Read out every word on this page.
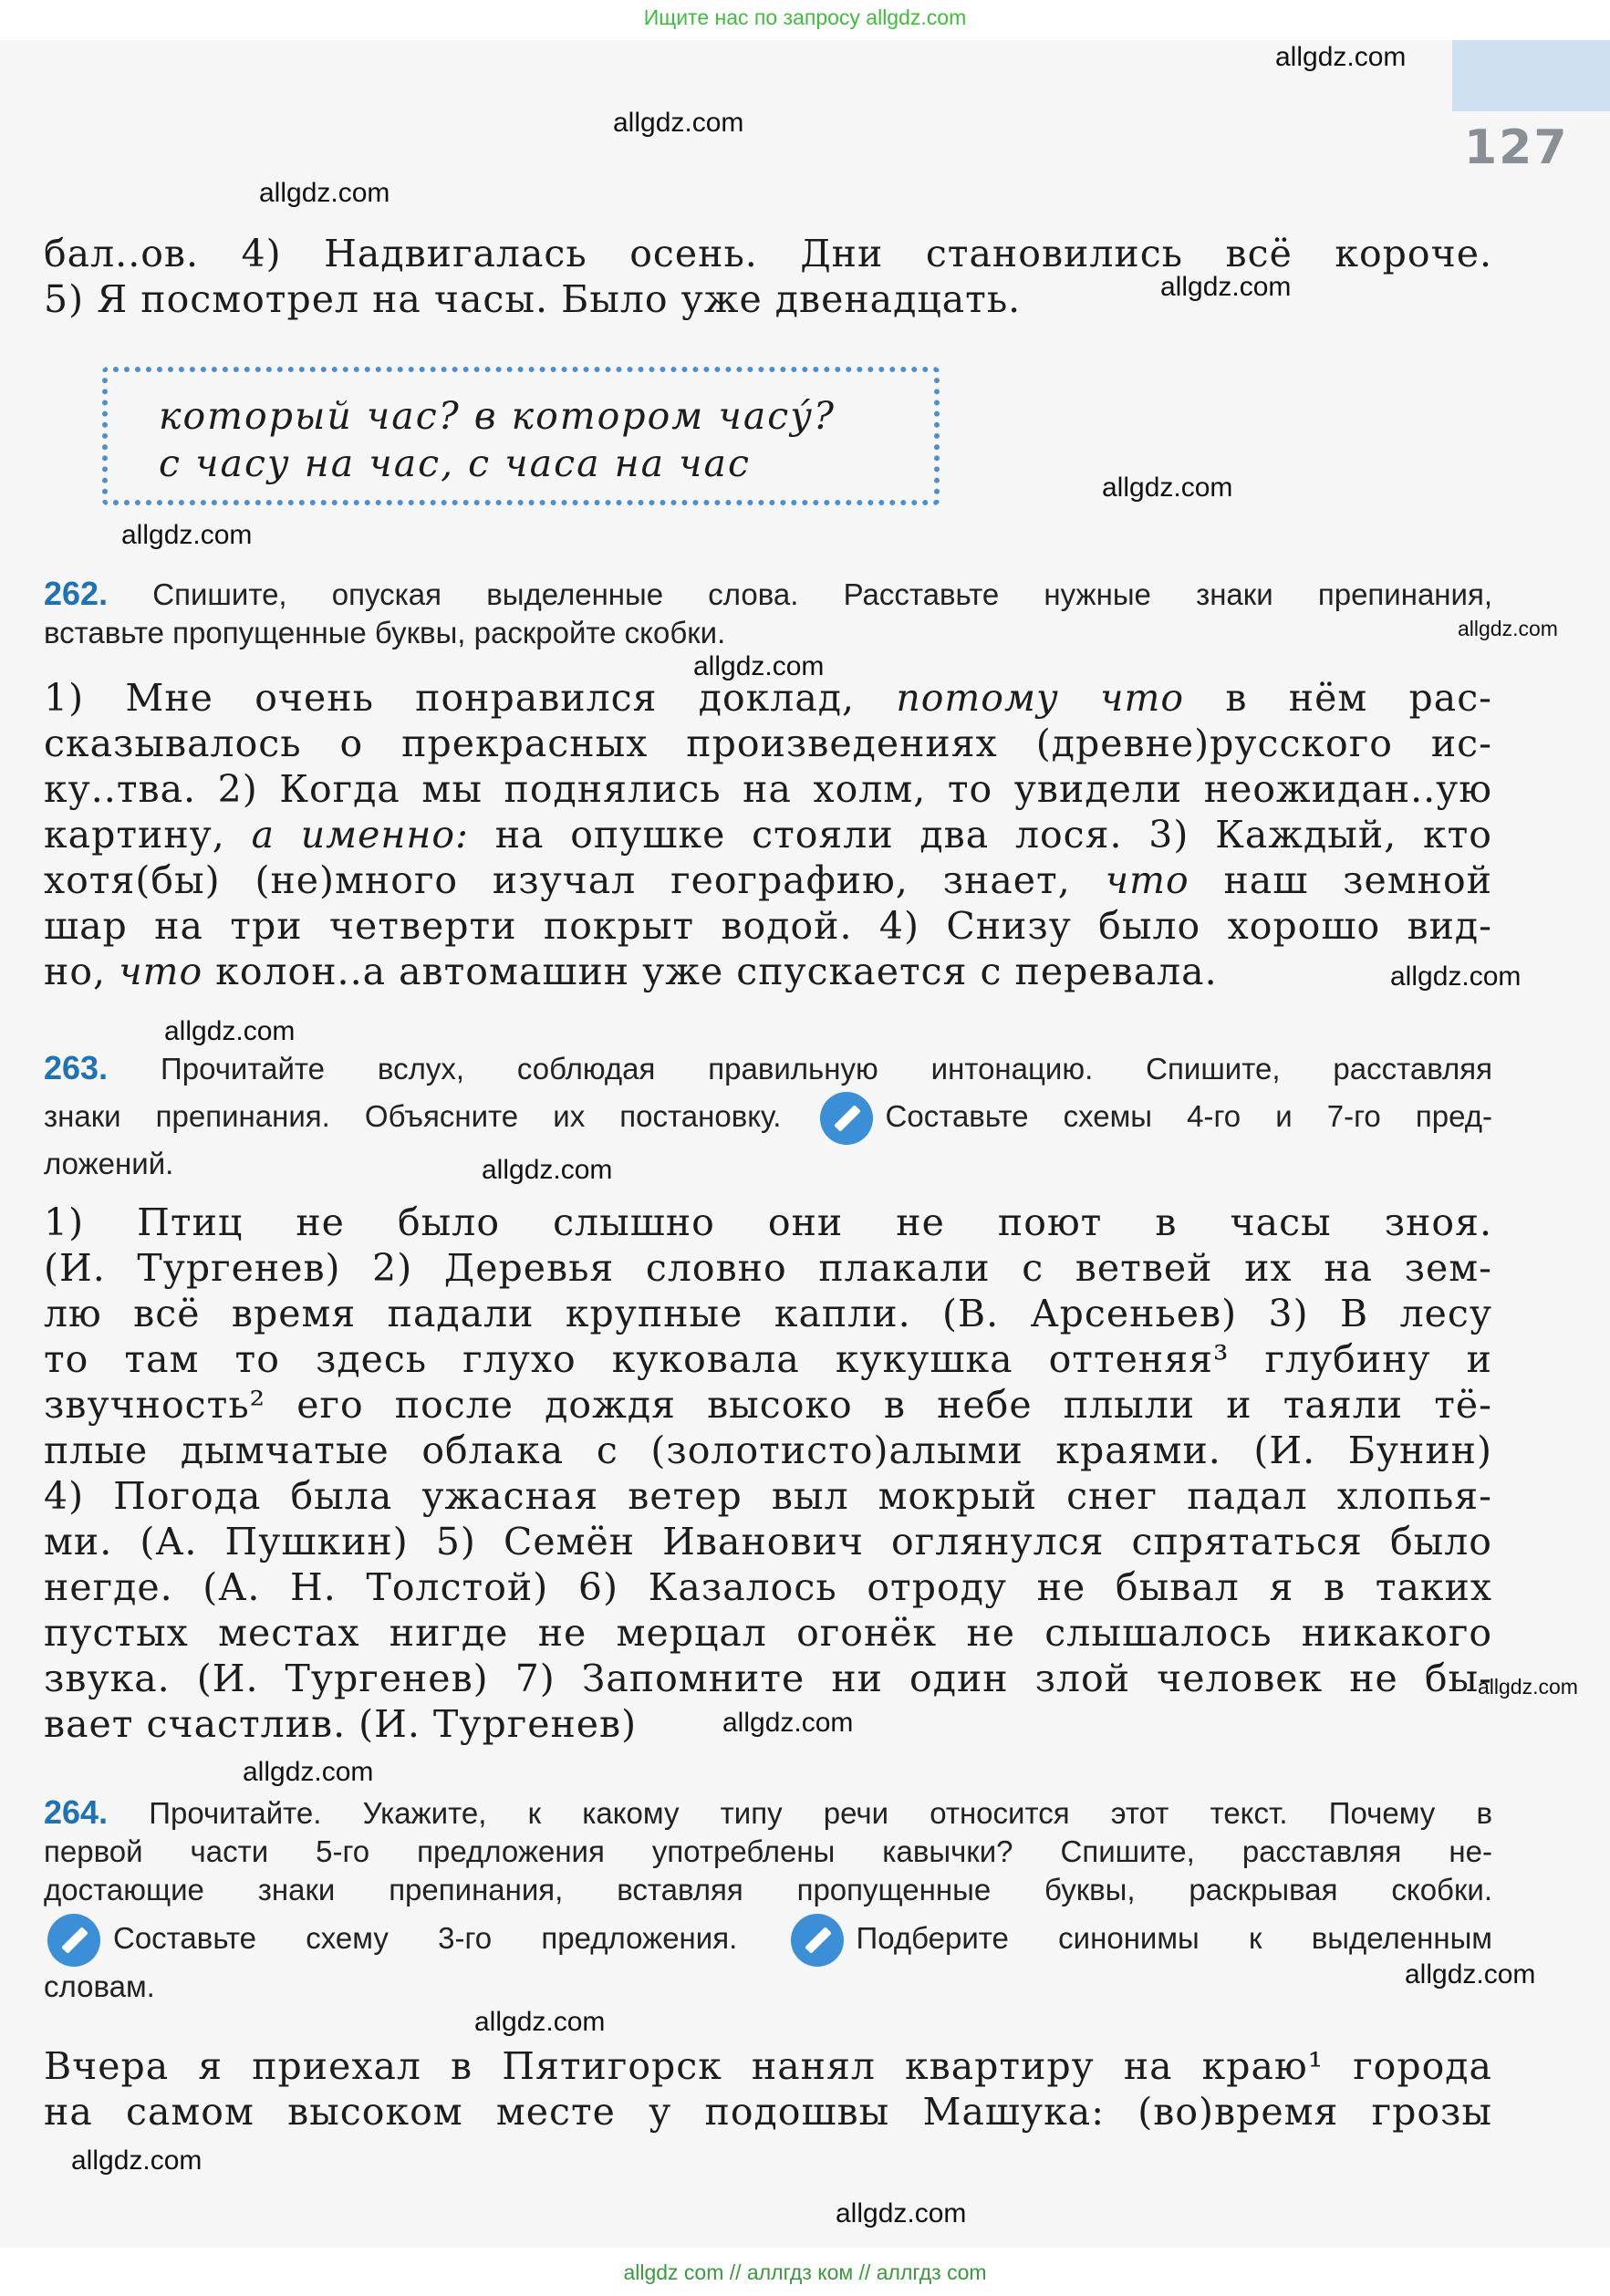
127
Ищите нас по запросу allgdz.com
allgdz com // аллгдз ком // аллгдз com
allgdz.com
allgdz.com
allgdz.com
allgdz.com
allgdz.com
allgdz.com
allgdz.com
allgdz.com
allgdz.com
allgdz.com
allgdz.com
allgdz.com
allgdz.com
allgdz.com
allgdz.com
allgdz.com
allgdz.com
allgdz.com
бал..ов. 4) Надвигалась осень. Дни становились всё короче.
5) Я посмотрел на часы. Было уже двенадцать.
который час? в котором часу́?
с часу на час, с часа на час
262. Спишите, опуская выделенные слова. Расставьте нужные знаки препинания,
вставьте пропущенные буквы, раскройте скобки.
1) Мне очень понравился доклад, потому что в нём рас-
сказывалось о прекрасных произведениях (древне)русского ис-
ку..тва. 2) Когда мы поднялись на холм, то увидели неожидан..ую
картину, а именно: на опушке стояли два лося. 3) Каждый, кто
хотя(бы) (не)много изучал географию, знает, что наш земной
шар на три четверти покрыт водой. 4) Снизу было хорошо вид-
но, что колон..а автомашин уже спускается с перевала.
263. Прочитайте вслух, соблюдая правильную интонацию. Спишите, расставляя
знаки препинания. Объясните их постановку.	Составьте схемы 4-го и 7-го пред-
ложений.
1) Птиц не было слышно они не поют в часы зноя.
(И. Тургенев) 2) Деревья словно плакали с ветвей их на зем-
лю всё время падали крупные капли. (В. Арсеньев) 3) В лесу
то там то здесь глухо куковала кукушка оттеняя³ глубину и
звучность² его после дождя высоко в небе плыли и таяли тё-
плые дымчатые облака с (золотисто)алыми краями. (И. Бунин)
4) Погода была ужасная ветер выл мокрый снег падал хлопья-
ми. (А. Пушкин) 5) Семён Иванович оглянулся спрятаться было
негде. (А. Н. Толстой) 6) Казалось отроду не бывал я в таких
пустых местах нигде не мерцал огонёк не слышалось никакого
звука. (И. Тургенев) 7) Запомните ни один злой человек не бы-
вает счастлив. (И. Тургенев)
264. Прочитайте. Укажите, к какому типу речи относится этот текст. Почему в
первой части 5-го предложения употреблены кавычки? Спишите, расставляя не-
достающие знаки препинания, вставляя пропущенные буквы, раскрывая скобки.
Составьте схему 3-го предложения.	Подберите синонимы к выделенным
словам.
Вчера я приехал в Пятигорск нанял квартиру на краю¹ города
на самом высоком месте у подошвы Машука: (во)время грозы
